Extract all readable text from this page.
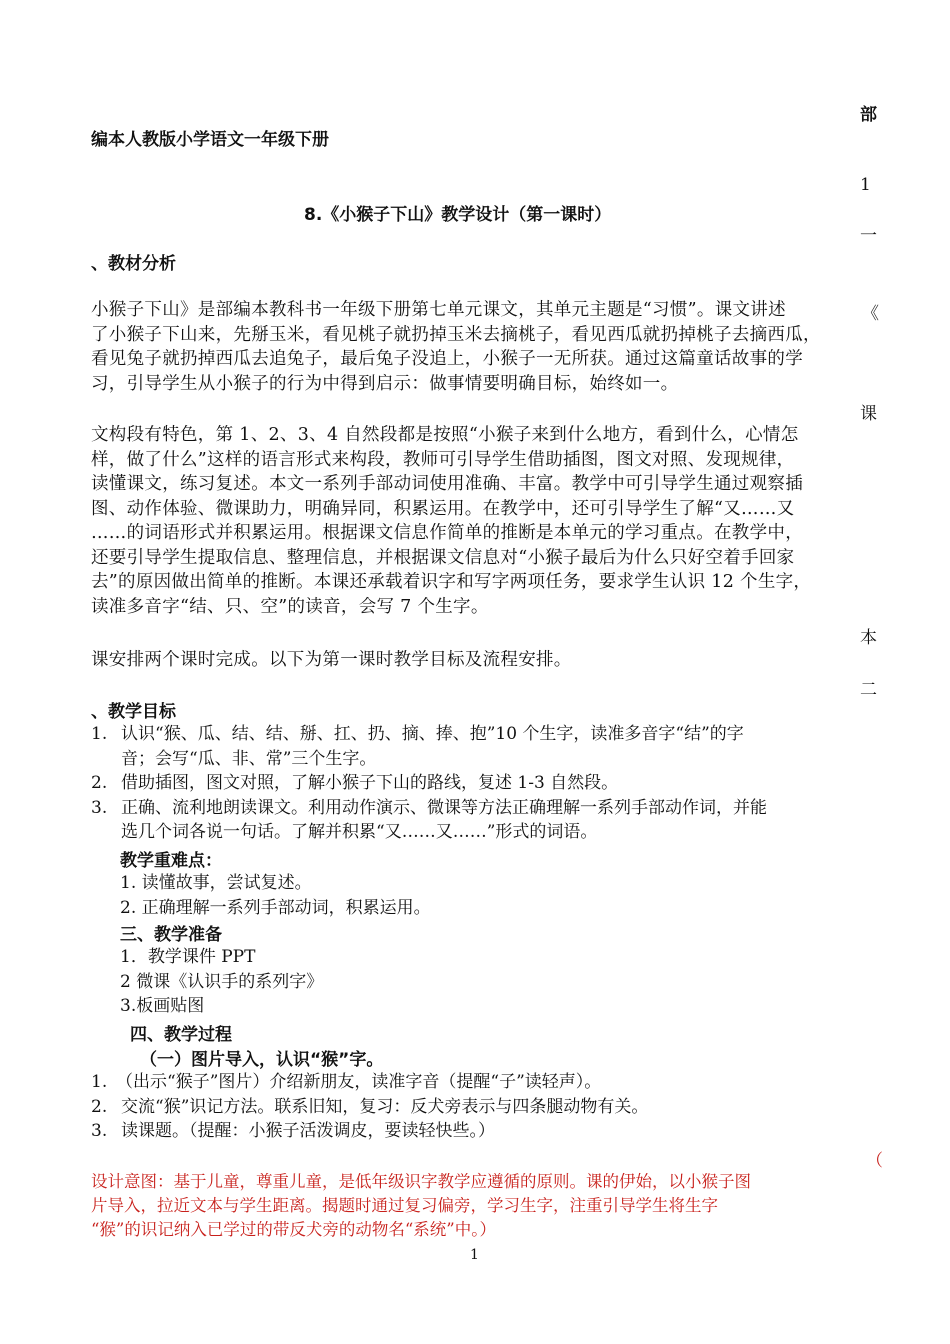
部
1
一
《
课
本
二
（
编本人教版小学语文一年级下册
8.《小猴子下山》教学设计（第一课时）
、教材分析
小猴子下山》是部编本教科书一年级下册第七单元课文，其单元主题是“习惯”。课文讲述
了小猴子下山来，先掰玉米，看见桃子就扔掉玉米去摘桃子，看见西瓜就扔掉桃子去摘西瓜，
看见兔子就扔掉西瓜去追兔子，最后兔子没追上，小猴子一无所获。通过这篇童话故事的学
习，引导学生从小猴子的行为中得到启示：做事情要明确目标，始终如一。
文构段有特色，第 1、2、3、4 自然段都是按照“小猴子来到什么地方，看到什么，心情怎
样，做了什么”这样的语言形式来构段，教师可引导学生借助插图，图文对照、发现规律，
读懂课文，练习复述。本文一系列手部动词使用准确、丰富。教学中可引导学生通过观察插
图、动作体验、微课助力，明确异同，积累运用。在教学中，还可引导学生了解“又……又
……的词语形式并积累运用。根据课文信息作简单的推断是本单元的学习重点。在教学中，
还要引导学生提取信息、整理信息，并根据课文信息对“小猴子最后为什么只好空着手回家
去”的原因做出简单的推断。本课还承载着识字和写字两项任务，要求学生认识 12 个生字，
读准多音字“结、只、空”的读音，会写 7 个生字。
课安排两个课时完成。以下为第一课时教学目标及流程安排。
、教学目标
1. 认识“猴、瓜、结、结、掰、扛、扔、摘、捧、抱”10 个生字，读准多音字“结”的字
音；会写“瓜、非、常”三个生字。
2. 借助插图，图文对照，了解小猴子下山的路线，复述 1-3 自然段。
3. 正确、流利地朗读课文。利用动作演示、微课等方法正确理解一系列手部动作词，并能
选几个词各说一句话。了解并积累“又……又……”形式的词语。
教学重难点：
1. 读懂故事，尝试复述。
2. 正确理解一系列手部动词，积累运用。
三、教学准备
1．教学课件 PPT
2 微课《认识手的系列字》
3.板画贴图
四、教学过程
（一）图片导入，认识“猴”字。
1. （出示“猴子”图片）介绍新朋友，读准字音（提醒“子”读轻声）。
2. 交流“猴”识记方法。联系旧知，复习：反犬旁表示与四条腿动物有关。
3. 读课题。（提醒：小猴子活泼调皮，要读轻快些。）
设计意图：基于儿童，尊重儿童，是低年级识字教学应遵循的原则。课的伊始，以小猴子图
片导入，拉近文本与学生距离。揭题时通过复习偏旁，学习生字，注重引导学生将生字
“猴”的识记纳入已学过的带反犬旁的动物名“系统”中。）
1
